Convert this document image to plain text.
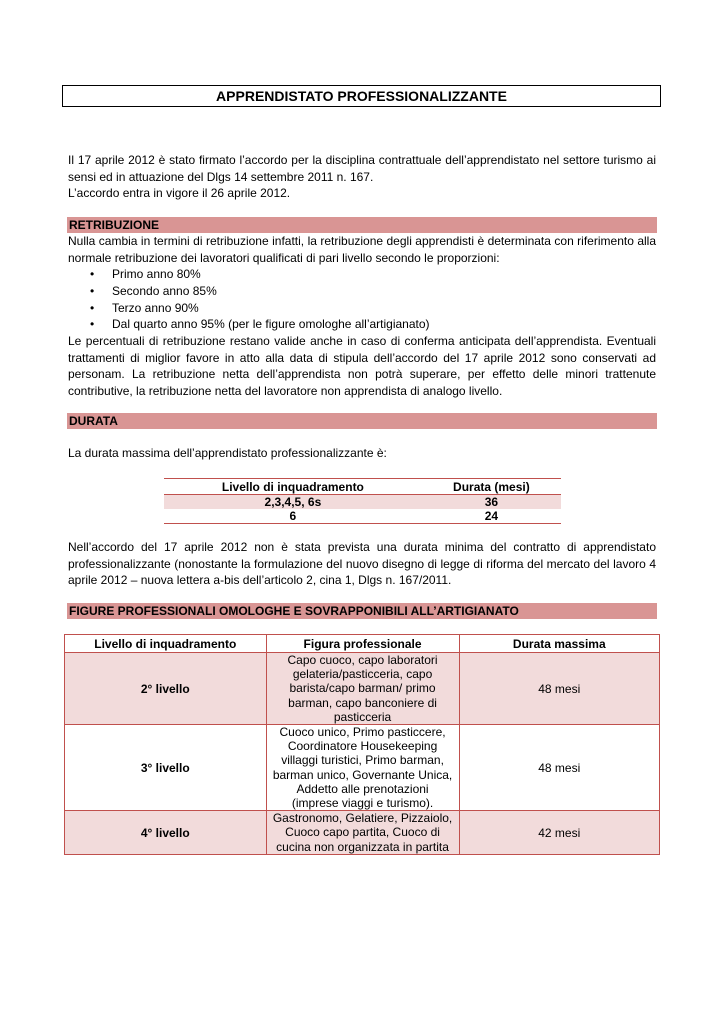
APPRENDISTATO PROFESSIONALIZZANTE

Il 17 aprile 2012 è stato firmato l’accordo per la disciplina contrattuale dell’apprendistato nel settore turismo ai sensi ed in attuazione del Dlgs 14 settembre 2011 n. 167.

L’accordo entra in vigore il 26 aprile 2012.

RETRIBUZIONE

Nulla cambia in termini di retribuzione infatti, la retribuzione degli apprendisti è determinata con riferimento alla normale retribuzione dei lavoratori qualificati di pari livello secondo le proporzioni:

• Primo anno 80%
• Secondo anno 85%
• Terzo anno 90%
• Dal quarto anno 95% (per le figure omologhe all’artigianato)

Le percentuali di retribuzione restano valide anche in caso di conferma anticipata dell’apprendista. Eventuali trattamenti di miglior favore in atto alla data di stipula dell’accordo del 17 aprile 2012 sono conservati ad personam. La retribuzione netta dell’apprendista non potrà superare, per effetto delle minori trattenute contributive, la retribuzione netta del lavoratore non apprendista di analogo livello.

DURATA
La durata massima dell’apprendistato professionalizzante è:
Livello di inquadramento	Durata (mesi)
2,3,4,5, 6s	36
6	24

Nell’accordo del 17 aprile 2012 non è stata prevista una durata minima del contratto di apprendistato professionalizzante (nonostante la formulazione del nuovo disegno di legge di riforma del mercato del lavoro 4 aprile 2012 – nuova lettera a-bis dell’articolo 2, cina 1, Dlgs n. 167/2011.

FIGURE PROFESSIONALI OMOLOGHE E SOVRAPPONIBILI ALL’ARTIGIANATO
Livello di inquadramento	Figura professionale	Durata massima
2° livello	Capo cuoco, capo laboratori gelateria/pasticceria, capo barista/capo barman/ primo barman, capo banconiere di pasticceria	48 mesi
3° livello	Cuoco unico, Primo pasticcere, Coordinatore Housekeeping villaggi turistici, Primo barman, barman unico, Governante Unica, Addetto alle prenotazioni (imprese viaggi e turismo).	48 mesi
4° livello	Gastronomo, Gelatiere, Pizzaiolo, Cuoco capo partita, Cuoco di cucina non organizzata in partita	42 mesi
